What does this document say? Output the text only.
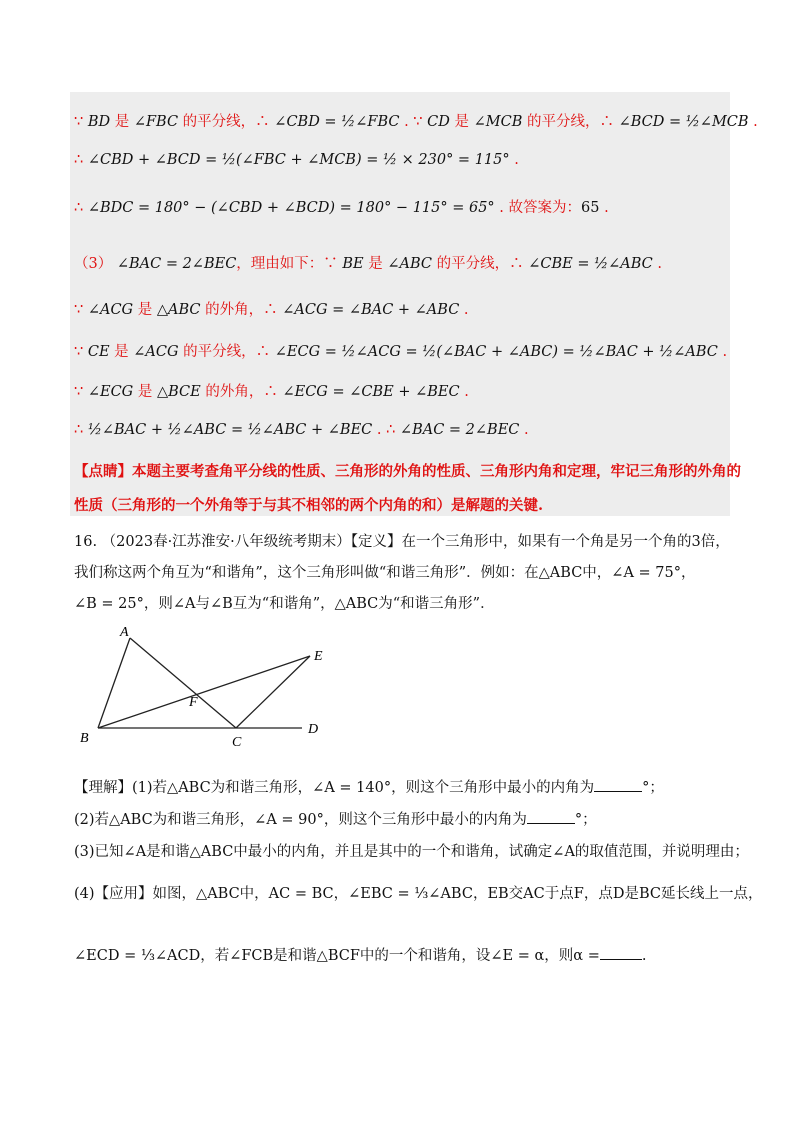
∵ BD 是 ∠FBC 的平分线，∴ ∠CBD = ½∠FBC . ∵ CD 是 ∠MCB 的平分线，∴ ∠BCD = ½∠MCB .
∴ ∠CBD + ∠BCD = ½(∠FBC + ∠MCB) = ½ × 230° = 115° .
∴ ∠BDC = 180° − (∠CBD + ∠BCD) = 180° − 115° = 65° . 故答案为：65 .
（3） ∠BAC = 2∠BEC，理由如下：∵ BE 是 ∠ABC 的平分线，∴ ∠CBE = ½∠ABC .
∵ ∠ACG 是 △ABC 的外角，∴ ∠ACG = ∠BAC + ∠ABC .
∵ CE 是 ∠ACG 的平分线，∴ ∠ECG = ½∠ACG = ½(∠BAC + ∠ABC) = ½∠BAC + ½∠ABC .
∵ ∠ECG 是 △BCE 的外角，∴ ∠ECG = ∠CBE + ∠BEC .
∴ ½∠BAC + ½∠ABC = ½∠ABC + ∠BEC . ∴ ∠BAC = 2∠BEC .
【点睛】本题主要考查角平分线的性质、三角形的外角的性质、三角形内角和定理，牢记三角形的外角的
性质（三角形的一个外角等于与其不相邻的两个内角的和）是解题的关键.
16. （2023春·江苏淮安·八年级统考期末）【定义】在一个三角形中，如果有一个角是另一个角的3倍，
我们称这两个角互为“和谐角”，这个三角形叫做“和谐三角形”．例如：在△ABC中，∠A = 75°，
∠B = 25°，则∠A与∠B互为“和谐角”，△ABC为“和谐三角形”．
A
B	C
D
E
F
【理解】(1)若△ABC为和谐三角形，∠A = 140°，则这个三角形中最小的内角为	°；
(2)若△ABC为和谐三角形，∠A = 90°，则这个三角形中最小的内角为	°；
(3)已知∠A是和谐△ABC中最小的内角，并且是其中的一个和谐角，试确定∠A的取值范围，并说明理由；
(4)【应用】如图，△ABC中，AC = BC，∠EBC = ⅓∠ABC，EB交AC于点F，点D是BC延长线上一点，
∠ECD = ⅓∠ACD，若∠FCB是和谐△BCF中的一个和谐角，设∠E = α，则α =	.
